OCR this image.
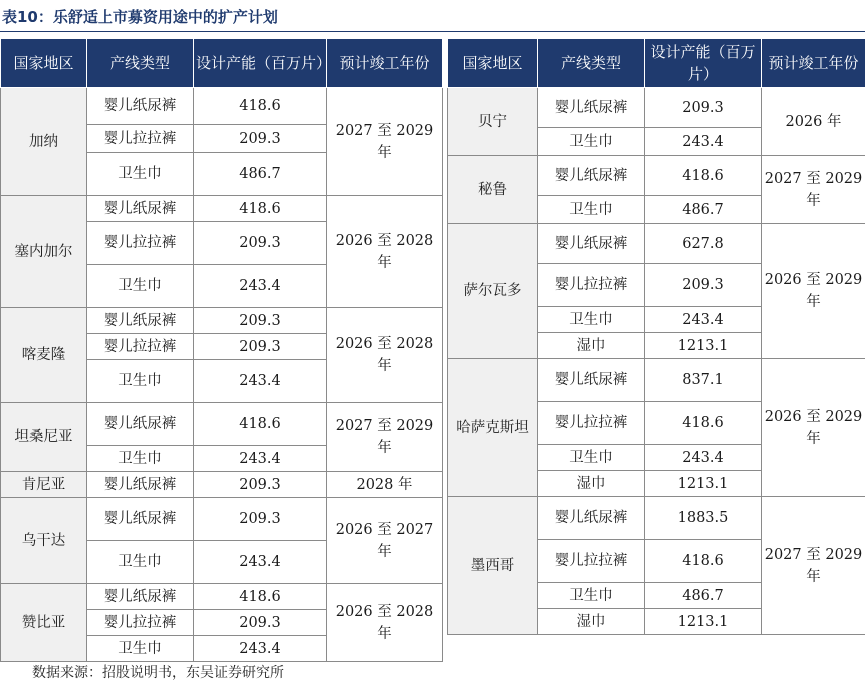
表10：乐舒适上市募资用途中的扩产计划
国家地区	产线类型	设计产能（百万片）	预计竣工年份
加纳	婴儿纸尿裤	418.6	2027 至 2029 年
	婴儿拉拉裤	209.3	
	卫生巾	486.7	
塞内加尔	婴儿纸尿裤	418.6	2026 至 2028 年
	婴儿拉拉裤	209.3	
	卫生巾	243.4	
喀麦隆	婴儿纸尿裤	209.3	2026 至 2028 年
	婴儿拉拉裤	209.3	
	卫生巾	243.4	
坦桑尼亚	婴儿纸尿裤	418.6	2027 至 2029 年
	卫生巾	243.4	
肯尼亚	婴儿纸尿裤	209.3	2028 年
乌干达	婴儿纸尿裤	209.3	2026 至 2027 年
	卫生巾	243.4	
赞比亚	婴儿纸尿裤	418.6	2026 至 2028 年
	婴儿拉拉裤	209.3	
	卫生巾	243.4	
国家地区	产线类型	设计产能（百万片）	预计竣工年份
贝宁	婴儿纸尿裤	209.3	2026 年
	卫生巾	243.4	
秘鲁	婴儿纸尿裤	418.6	2027 至 2029 年
	卫生巾	486.7	
萨尔瓦多	婴儿纸尿裤	627.8	2026 至 2029 年
	婴儿拉拉裤	209.3	
	卫生巾	243.4	
	湿巾	1213.1	
哈萨克斯坦	婴儿纸尿裤	837.1	2026 至 2029 年
	婴儿拉拉裤	418.6	
	卫生巾	243.4	
	湿巾	1213.1	
墨西哥	婴儿纸尿裤	1883.5	2027 至 2029 年
	婴儿拉拉裤	418.6	
	卫生巾	486.7	
	湿巾	1213.1	

数据来源：招股说明书，东吴证券研究所
